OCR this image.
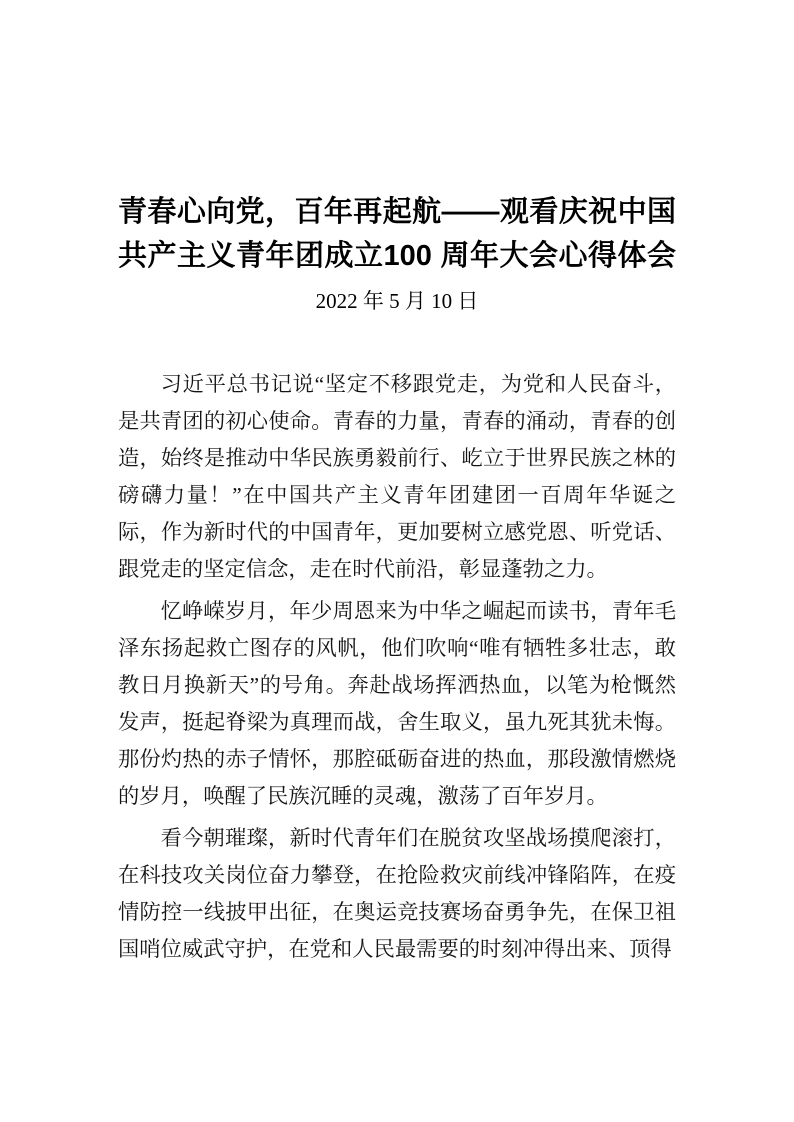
青春心向党，百年再起航——观看庆祝中国
共产主义青年团成立100 周年大会心得体会
2022 年 5 月 10 日

习近平总书记说“坚定不移跟党走，为党和人民奋斗，是共青团的初心使命。青春的力量，青春的涌动，青春的创造，始终是推动中华民族勇毅前行、屹立于世界民族之林的磅礴力量！”在中国共产主义青年团建团一百周年华诞之际，作为新时代的中国青年，更加要树立感党恩、听党话、跟党走的坚定信念，走在时代前沿，彰显蓬勃之力。

忆峥嵘岁月，年少周恩来为中华之崛起而读书，青年毛泽东扬起救亡图存的风帆，他们吹响“唯有牺牲多壮志，敢教日月换新天”的号角。奔赴战场挥洒热血，以笔为枪慨然发声，挺起脊梁为真理而战，舍生取义，虽九死其犹未悔。那份灼热的赤子情怀，那腔砥砺奋进的热血，那段激情燃烧的岁月，唤醒了民族沉睡的灵魂，激荡了百年岁月。

看今朝璀璨，新时代青年们在脱贫攻坚战场摸爬滚打，在科技攻关岗位奋力攀登，在抢险救灾前线冲锋陷阵，在疫情防控一线披甲出征，在奥运竞技赛场奋勇争先，在保卫祖国哨位威武守护，在党和人民最需要的时刻冲得出来、顶得
